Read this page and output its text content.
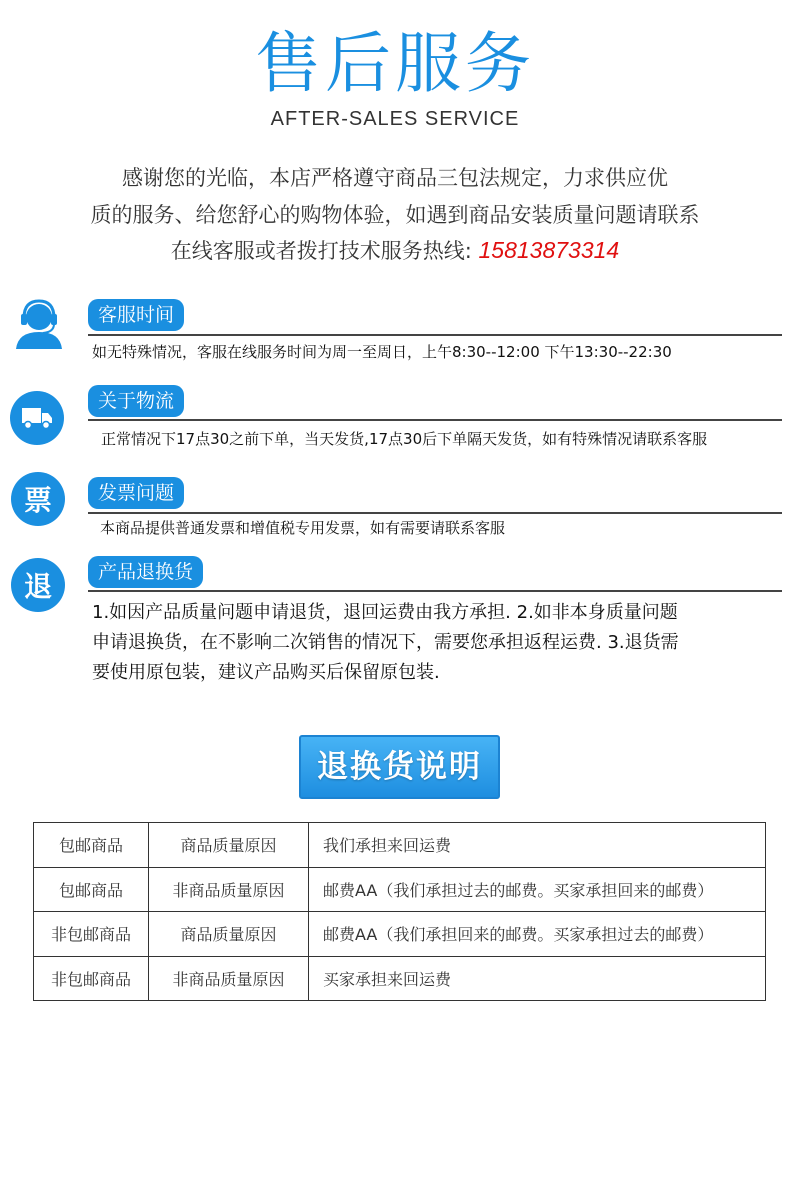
售后服务
AFTER-SALES SERVICE
感谢您的光临，本店严格遵守商品三包法规定，力求供应优
质的服务、给您舒心的购物体验，如遇到商品安装质量问题请联系
在线客服或者拨打技术服务热线: 15813873314
客服时间
如无特殊情况，客服在线服务时间为周一至周日，上午8:30--12:00 下午13:30--22:30
关于物流
正常情况下17点30之前下单，当天发货,17点30后下单隔天发货，如有特殊情况请联系客服
票	发票问题
本商品提供普通发票和增值税专用发票，如有需要请联系客服
退	产品退换货
1.如因产品质量问题申请退货，退回运费由我方承担. 2.如非本身质量问题
申请退换货，在不影响二次销售的情况下，需要您承担返程运费. 3.退货需
要使用原包装，建议产品购买后保留原包装.
退换货说明
包邮商品	商品质量原因	我们承担来回运费
包邮商品	非商品质量原因	邮费AA（我们承担过去的邮费。买家承担回来的邮费）
非包邮商品	商品质量原因	邮费AA（我们承担回来的邮费。买家承担过去的邮费）
非包邮商品	非商品质量原因	买家承担来回运费
